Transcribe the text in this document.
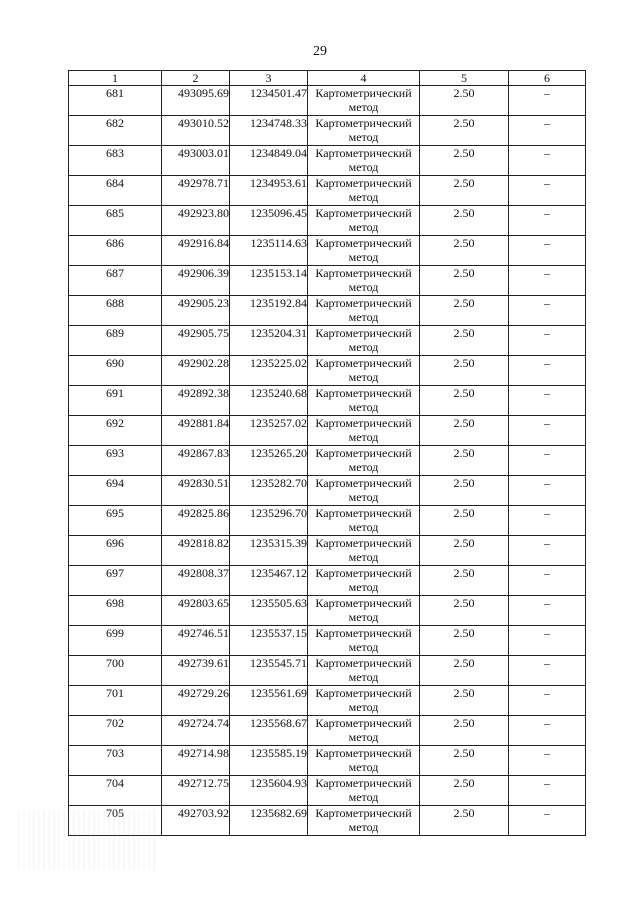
29
1	2	3	4	5	6
681	493095.69	1234501.47	Картометрический
метод	2.50	–
682	493010.52	1234748.33	Картометрический
метод	2.50	–
683	493003.01	1234849.04	Картометрический
метод	2.50	–
684	492978.71	1234953.61	Картометрический
метод	2.50	–
685	492923.80	1235096.45	Картометрический
метод	2.50	–
686	492916.84	1235114.63	Картометрический
метод	2.50	–
687	492906.39	1235153.14	Картометрический
метод	2.50	–
688	492905.23	1235192.84	Картометрический
метод	2.50	–
689	492905.75	1235204.31	Картометрический
метод	2.50	–
690	492902.28	1235225.02	Картометрический
метод	2.50	–
691	492892.38	1235240.68	Картометрический
метод	2.50	–
692	492881.84	1235257.02	Картометрический
метод	2.50	–
693	492867.83	1235265.20	Картометрический
метод	2.50	–
694	492830.51	1235282.70	Картометрический
метод	2.50	–
695	492825.86	1235296.70	Картометрический
метод	2.50	–
696	492818.82	1235315.39	Картометрический
метод	2.50	–
697	492808.37	1235467.12	Картометрический
метод	2.50	–
698	492803.65	1235505.63	Картометрический
метод	2.50	–
699	492746.51	1235537.15	Картометрический
метод	2.50	–
700	492739.61	1235545.71	Картометрический
метод	2.50	–
701	492729.26	1235561.69	Картометрический
метод	2.50	–
702	492724.74	1235568.67	Картометрический
метод	2.50	–
703	492714.98	1235585.19	Картометрический
метод	2.50	–
704	492712.75	1235604.93	Картометрический
метод	2.50	–
705	492703.92	1235682.69	Картометрический
метод	2.50	–
